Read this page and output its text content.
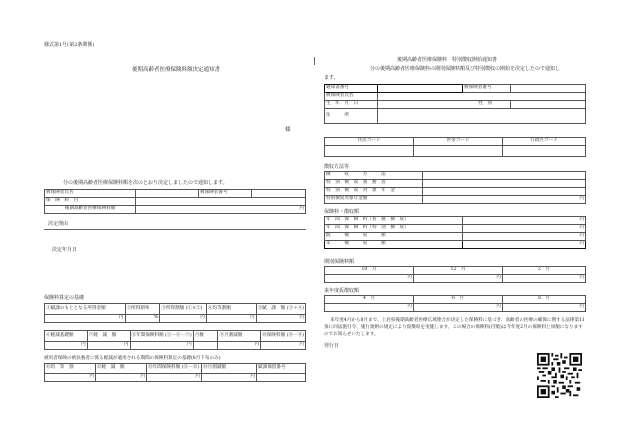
様式第1号(第2条関係)
後期高齢者医療保険料額決定通知書
様
分の後期高齢者医療保険料額を次のとおり決定しましたので通知します。
被保険者氏名		被保険者番号	
保　険　科　目			
後期高齢者医療保険料額	円		
決定理由
決定年月日
保険料算定の基礎
①賦課のもととなる所得金額	②所得割率	③所得割額 (①×②)	④均等割額	⑤賦　課　額 (③＋④)
円	%	円	円	円
⑥軽減基礎額	⑦軽　減　額	⑧年間保険料額 (⑤－⑥－⑦)	月数	⑨月割減額	⑩保険料額 (⑧－⑨)
円	円	円		円	円
被用者保険の被扶養者に係る軽減が適用される期間の保険料算定の基礎(8月下旬のみ)
⑪均　等　割	⑫軽　減　額	⑬年間保険料額 (⑪－⑫)	⑭月割減額	賦課保留番号
円	円	円	円	
後期高齢者医療保険料　特別徴収開始通知書
分の後期高齢者医療保険料の期別保険料額及び特別徴収の開始を決定したので通知し
ます。
通知書番号		被保険者番号	
被保険者氏名			
生　年　月　日	性　別		
住　　　所			
住民コード	世帯コード	行政区コード

徴収方法等
徴　　　収　　　方　　　法	
特　別　徴　収　義　務　者	
特　別　徴　収　対　象　年　金	
特別徴収対象年金額	円
保険料・徴収額
年　間　保　険　料（普　通　徴　収）	円
年　間　保　険　料（特　別　徴　収）	円
既　　　徴　　　収　　　額	円
未　　　徴　　　収　　　額	円
期別保険料額
10　月	12　月	2　月
円	円	円
来年度仮徴収額
4　月	6　月	8　月
円	円	円
来年度4月から8月まで、上岩県後期高齢者医療広域連合が決定した保険料に基づき、高齢者の医療の確保に関する法律第11条に同法施行令、施行規則の規定により仮徴収を実施します。この場合の保険料(円額)は今年度2月の保険料と同額になりますのでお知らせいたします。
発行日
